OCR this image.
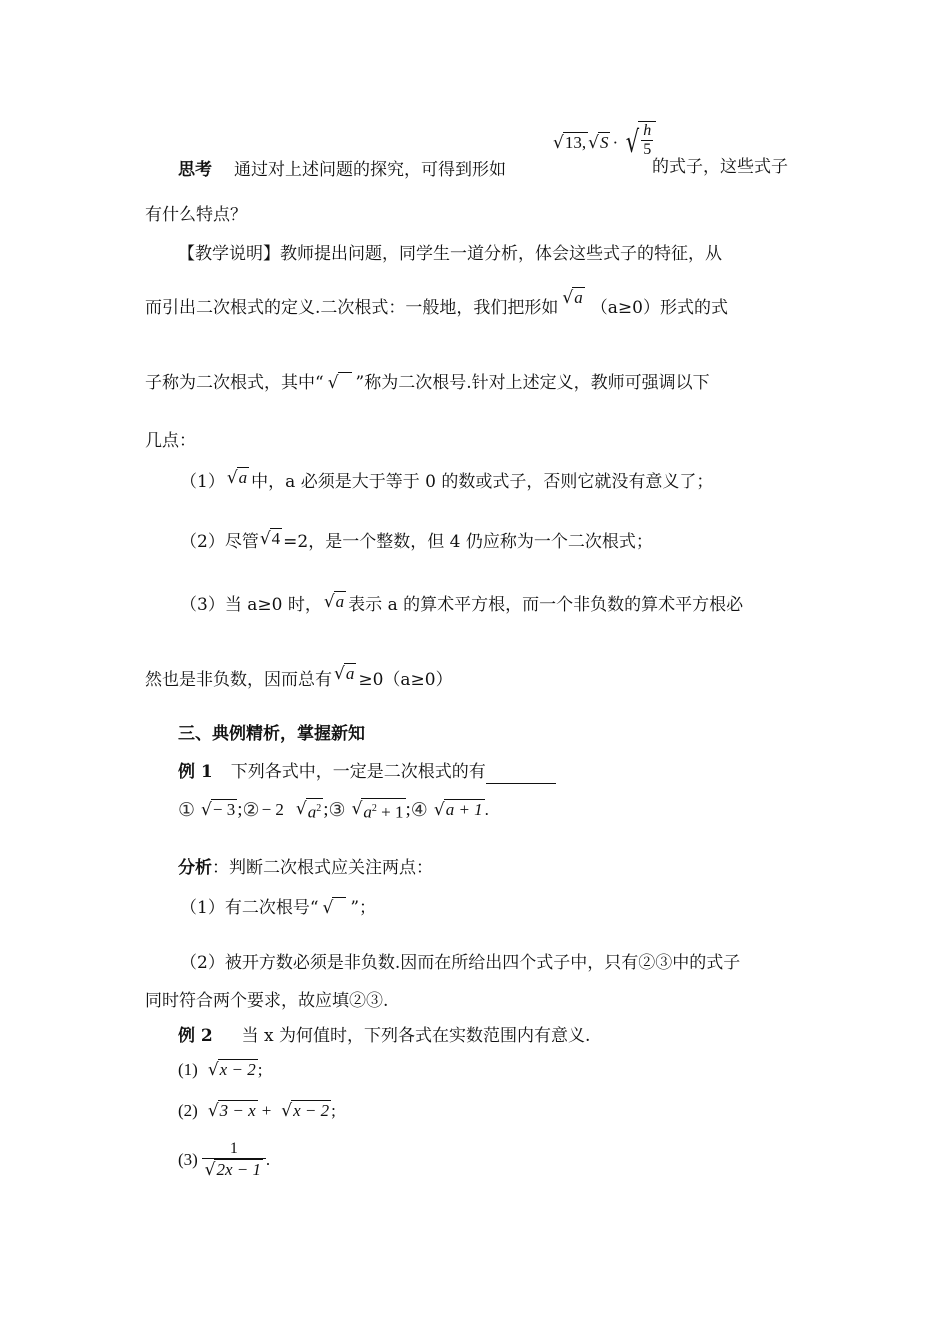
思考 通过对上述问题的探究，可得到形如
√ 13, √ S · √ $\frac{h}{5}$
的式子，这些式子
有什么特点？
【教学说明】教师提出问题，同学生一道分析，体会这些式子的特征，从
而引出二次根式的定义.二次根式：一般地，我们把形如 √ a
（a≥0）形式的式
子称为二次根式，其中“ √ ”称为二次根号.针对上述定义，教师可强调以下
几点：
（1） √ a 中，a 必须是大于等于 0 的数或式子，否则它就没有意义了；
（2）尽管 √ 4 =2，是一个整数，但 4 仍应称为一个二次根式；
（3）当 a≥0 时， √ a 表示 a 的算术平方根，而一个非负数的算术平方根必
然也是非负数，因而总有 √ a ≥0（a≥0）
三、典例精析，掌握新知
例 1 下列各式中，一定是二次根式的有
① √ − 3 ; ② − 2 √ $a^2$ ; ③ √ $a^2 + 1$ ; ④ √ a + 1 .
分析：判断二次根式应关注两点：
（1）有二次根号“ √ ”；
（2）被开方数必须是非负数.因而在所给出四个式子中，只有②③中的式子
同时符合两个要求，故应填②③.
例 2 当 x 为何值时，下列各式在实数范围内有意义.
(1) √ x − 2 ;
(2) √ 3 − x + √ x − 2 ;
$(3) \frac{1}{√ 2x - 1}$ .
